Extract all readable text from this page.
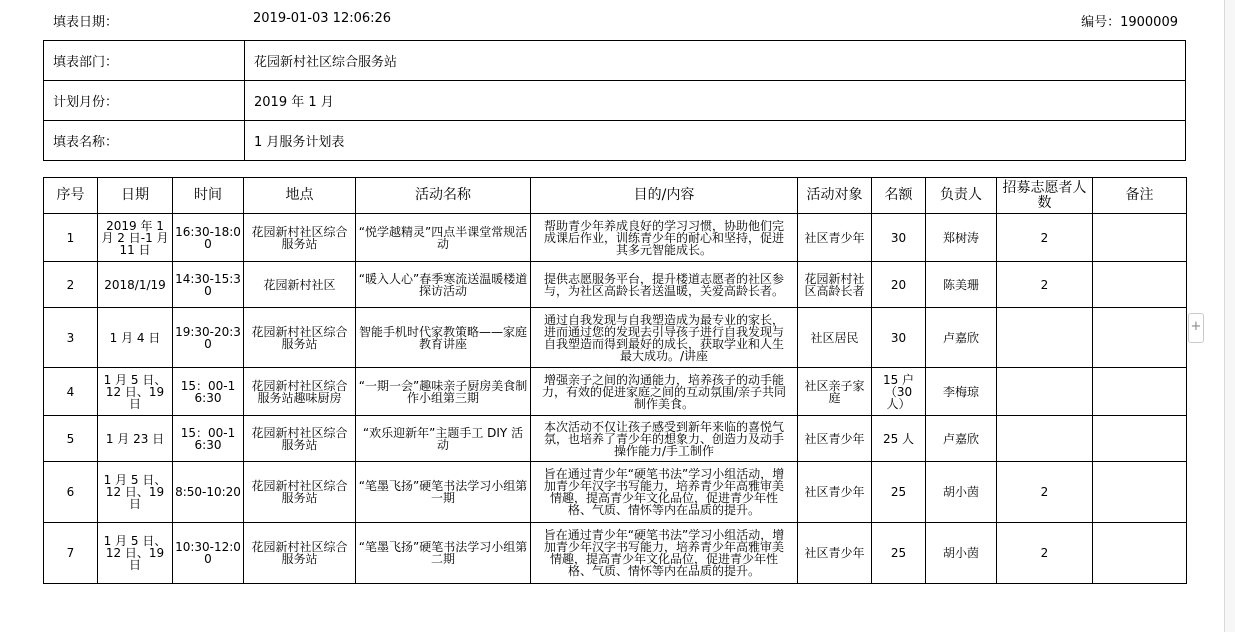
填表日期：	2019-01-03 12:06:26	编号：1900009
填表部门：	花园新村社区综合服务站
计划月份：	2019 年 1 月
填表名称：	1 月服务计划表
序号	日期	时间	地点	活动名称	目的/内容	活动对象	名额	负责人	招募志愿者人数	备注
1	2019 年 1 月 2 日-1 月 11 日	16:30-18:00	花园新村社区综合服务站	“悦学越精灵”四点半课堂常规活动	帮助青少年养成良好的学习习惯，协助他们完成课后作业，训练青少年的耐心和坚持，促进其多元智能成长。	社区青少年	30	郑树涛	2	
2	2018/1/19	14:30-15:30	花园新村社区	“暖入人心”春季寒流送温暖楼道探访活动	提供志愿服务平台，提升楼道志愿者的社区参与，为社区高龄长者送温暖，关爱高龄长者。	花园新村社区高龄长者	20	陈美珊	2	
3	1 月 4 日	19:30-20:30	花园新村社区综合服务站	智能手机时代家教策略——家庭教育讲座	通过自我发现与自我塑造成为最专业的家长，进而通过您的发现去引导孩子进行自我发现与自我塑造而得到最好的成长，获取学业和人生最大成功。/讲座	社区居民	30	卢嘉欣		
4	1 月 5 日、12 日、19 日	15：00-16:30	花园新村社区综合服务站趣味厨房	“一期一会”趣味亲子厨房美食制作小组第三期	增强亲子之间的沟通能力，培养孩子的动手能力，有效的促进家庭之间的互动氛围/亲子共同制作美食。	社区亲子家庭	15 户（30 人）	李梅琼		
5	1 月 23 日	15：00-16:30	花园新村社区综合服务站	“欢乐迎新年”主题手工 DIY 活动	本次活动不仅让孩子感受到新年来临的喜悦气氛，也培养了青少年的想象力、创造力及动手操作能力/手工制作	社区青少年	25 人	卢嘉欣		
6	1 月 5 日、12 日、19 日	8:50-10:20	花园新村社区综合服务站	“笔墨飞扬”硬笔书法学习小组第一期	旨在通过青少年“硬笔书法”学习小组活动，增加青少年汉字书写能力，培养青少年高雅审美情趣，提高青少年文化品位，促进青少年性格、气质、情怀等内在品质的提升。	社区青少年	25	胡小茵	2	
7	1 月 5 日、12 日、19 日	10:30-12:00	花园新村社区综合服务站	“笔墨飞扬”硬笔书法学习小组第二期	旨在通过青少年“硬笔书法”学习小组活动，增加青少年汉字书写能力，培养青少年高雅审美情趣，提高青少年文化品位，促进青少年性格、气质、情怀等内在品质的提升。	社区青少年	25	胡小茵	2	
+
